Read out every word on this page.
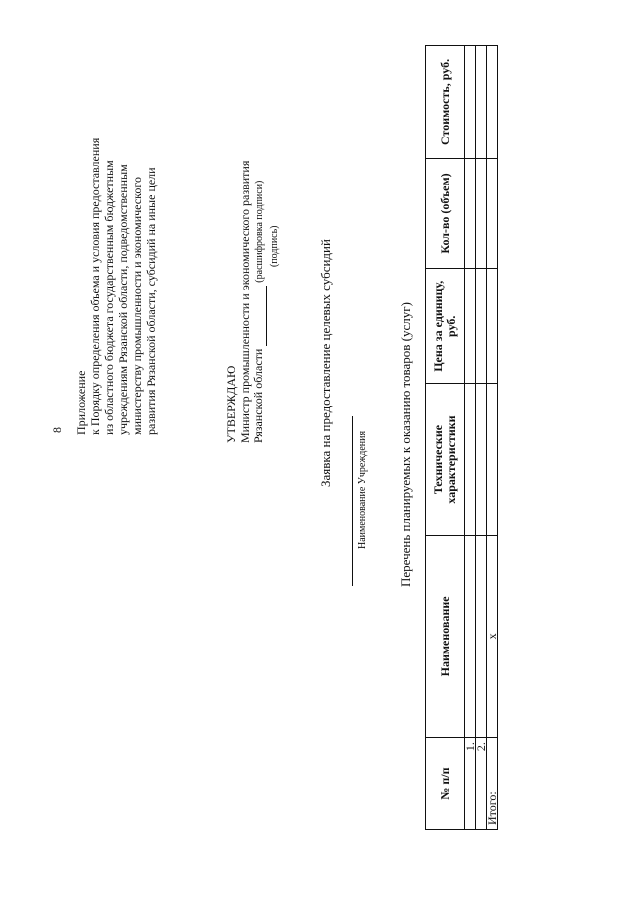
8 Приложение к Порядку определения объема и условия предоставления из областного бюджета государственным бюджетным учреждениям Рязанской области, подведомственным министерству промышленности и экономического развития Рязанской области, субсидий на иные цели	УТВЕРЖДАЮ Министр промышленности и экономического развития Рязанской области  (расшифровка подписи) (подпись)	Заявка на предоставление целевых субсидий
Наименование Учреждения Перечень планируемых к оказанию товаров (услуг)
№ п/п	Наименование	Технические характеристики	Цена за единицу, руб.	Кол-во (объем)	Стоимость, руб.
1.					
2.					
Итого:	x				
